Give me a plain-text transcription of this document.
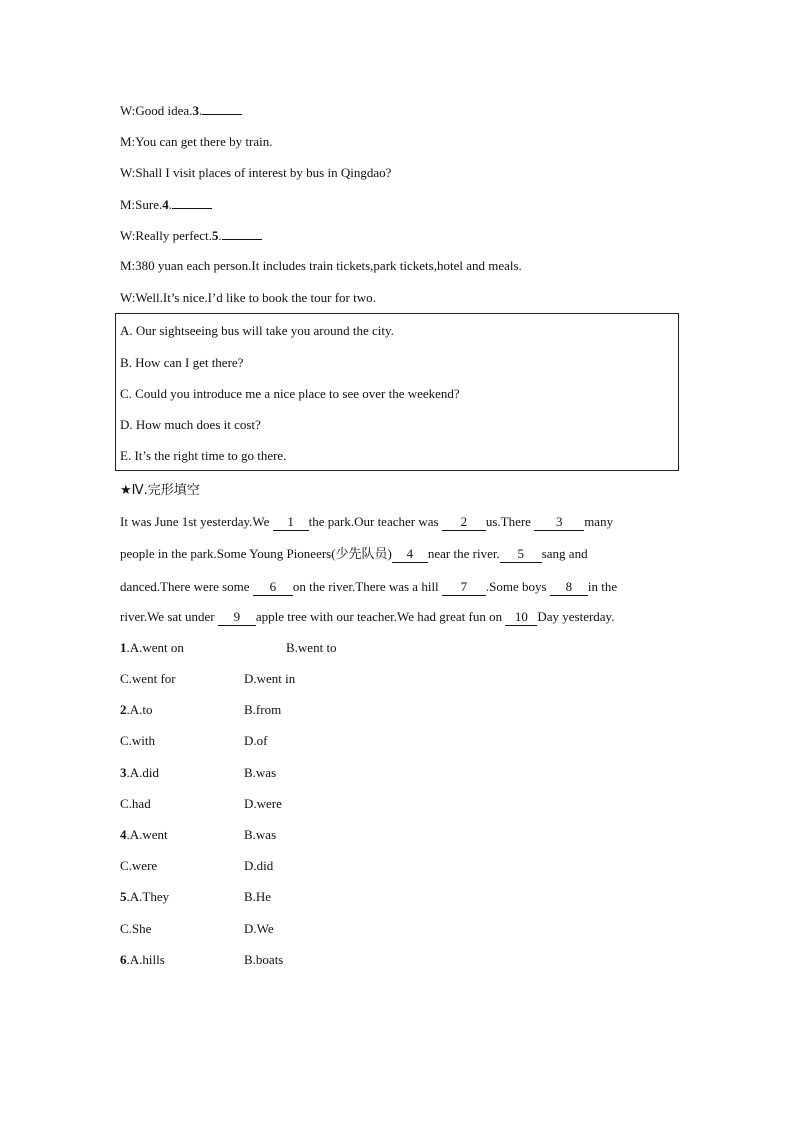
W:Good idea.3.
M:You can get there by train.
W:Shall I visit places of interest by bus in Qingdao?
M:Sure.4.
W:Really perfect.5.
M:380 yuan each person.It includes train tickets,park tickets,hotel and meals.
W:Well.It’s nice.I’d like to book the tour for two.
A. Our sightseeing bus will take you around the city.
B. How can I get there?
C. Could you introduce me a nice place to see over the weekend?
D. How much does it cost?
E. It’s the right time to go there.
★Ⅳ.完形填空
It was June 1st yesterday.We 1 the park.Our teacher was 2 us.There 3 many
people in the park.Some Young Pioneers(少先队员) 4 near the river. 5 sang and
danced.There were some 6 on the river.There was a hill 7 .Some boys 8 in the
river.We sat under 9 apple tree with our teacher.We had great fun on 10 Day yesterday.
1.A.went on	B.went to
C.went for	D.went in
2.A.to	B.from
C.with	D.of
3.A.did	B.was
C.had	D.were
4.A.went	B.was
C.were	D.did
5.A.They	B.He
C.She	D.We
6.A.hills	B.boats
